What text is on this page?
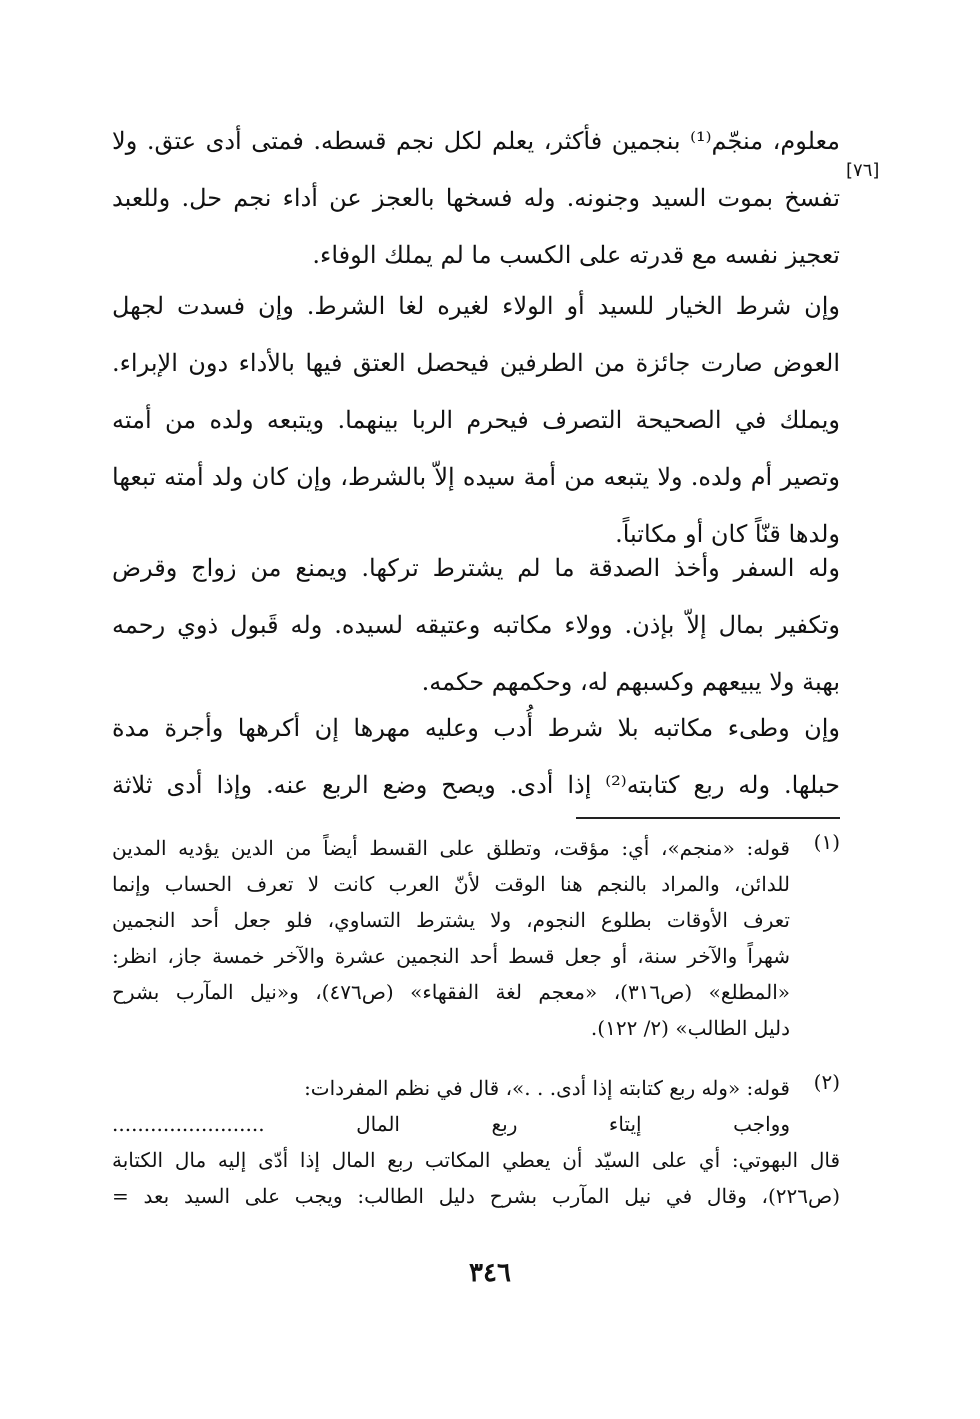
[٧٦]
معلوم، منجّم⁽¹⁾ بنجمين فأكثر، يعلم لكل نجم قسطه. فمتى أدى عتق. ولا
تفسخ بموت السيد وجنونه. وله فسخها بالعجز عن أداء نجم حل. وللعبد
تعجيز نفسه مع قدرته على الكسب ما لم يملك الوفاء.
وإن شرط الخيار للسيد أو الولاء لغيره لغا الشرط. وإن فسدت لجهل
العوض صارت جائزة من الطرفين فيحصل العتق فيها بالأداء دون الإبراء.
ويملك في الصحيحة التصرف فيحرم الربا بينهما. ويتبعه ولده من أمته
وتصير أم ولده. ولا يتبعه من أمة سيده إلاّ بالشرط، وإن كان ولد أمته تبعها
ولدها قنّاً كان أو مكاتباً.
وله السفر وأخذ الصدقة ما لم يشترط تركها. ويمنع من زواج وقرض
وتكفير بمال إلاّ بإذن. وولاء مكاتبه وعتيقه لسيده. وله قَبول ذوي رحمه
بهبة ولا يبيعهم وكسبهم له، وحكمهم حكمه.
وإن وطىء مكاتبه بلا شرط أُدب وعليه مهرها إن أكرهها وأجرة مدة
حبلها. وله ربع كتابته⁽²⁾ إذا أدى. ويصح وضع الربع عنه. وإذا أدى ثلاثة
(١)
قوله: «منجم»، أي: مؤقت، وتطلق على القسط أيضاً من الدين يؤديه المدين
للدائن، والمراد بالنجم هنا الوقت لأنّ العرب كانت لا تعرف الحساب وإنما
تعرف الأوقات بطلوع النجوم، ولا يشترط التساوي، فلو جعل أحد النجمين
شهراً والآخر سنة، أو جعل قسط أحد النجمين عشرة والآخر خمسة جاز، انظر:
«المطلع» (ص٣١٦)، «معجم لغة الفقهاء» (ص٤٧٦)، و«نيل المآرب بشرح
دليل الطالب» (٢/ ١٢٢).
(٢)
قوله: «وله ربع كتابته إذا أدى. . .»، قال في نظم المفردات:
وواجب إيتاء ربع المال ........................
قال البهوتي: أي على السيّد أن يعطي المكاتب ربع المال إذا أدّى إليه مال الكتابة
(ص٢٢٦)، وقال في نيل المآرب بشرح دليل الطالب: ويجب على السيد بعد =
٣٤٦
